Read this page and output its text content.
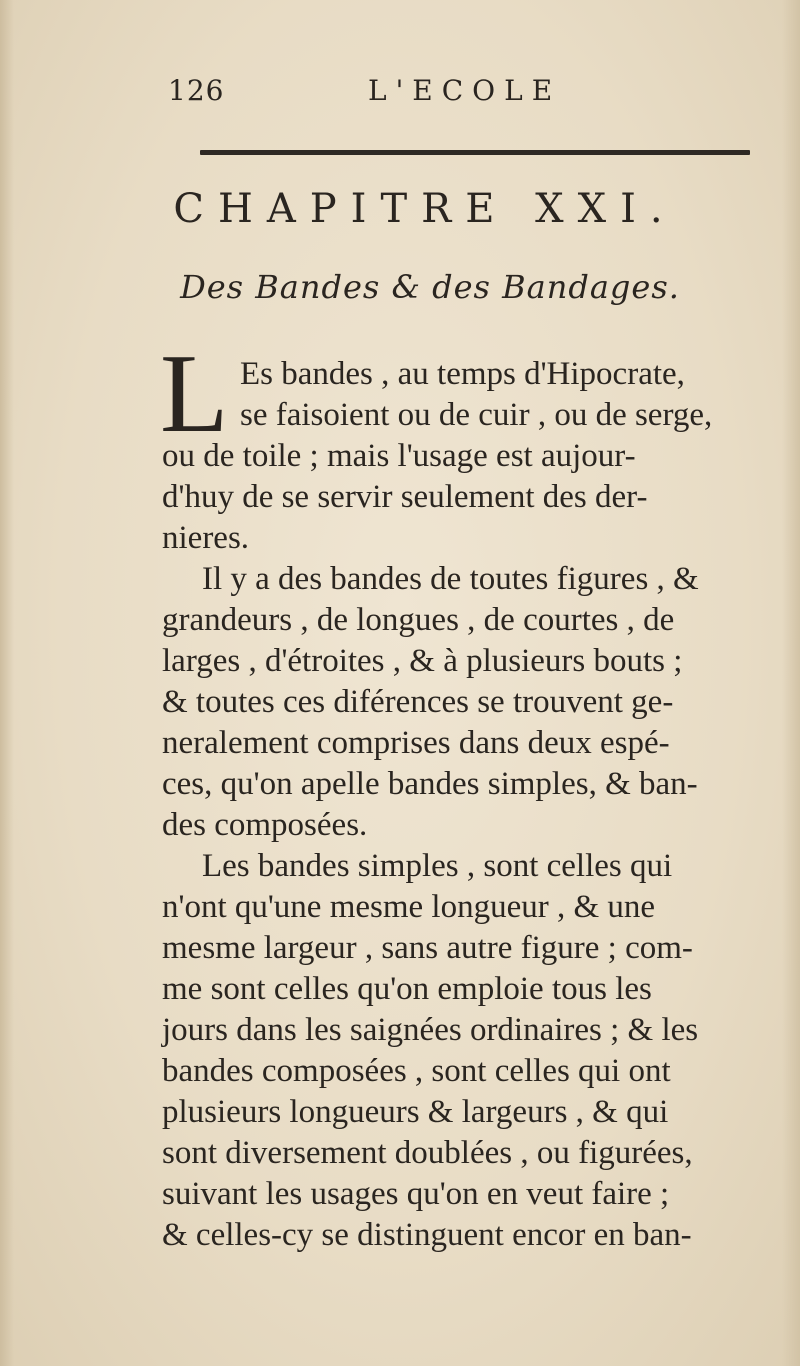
126	L'ECOLE
CHAPITRE XXI.
Des Bandes & des Bandages.
L Es bandes , au temps d'Hipocrate,
se faisoient ou de cuir , ou de serge,
ou de toile ; mais l'usage est aujour-
d'huy de se servir seulement des der-
nieres.
Il y a des bandes de toutes figures , &
grandeurs , de longues , de courtes , de
larges , d'étroites , & à plusieurs bouts ;
& toutes ces diférences se trouvent ge-
neralement comprises dans deux espé-
ces, qu'on apelle bandes simples, & ban-
des composées.
Les bandes simples , sont celles qui
n'ont qu'une mesme longueur , & une
mesme largeur , sans autre figure ; com-
me sont celles qu'on emploie tous les
jours dans les saignées ordinaires ; & les
bandes composées , sont celles qui ont
plusieurs longueurs & largeurs , & qui
sont diversement doublées , ou figurées,
suivant les usages qu'on en veut faire ;
& celles-cy se distinguent encor en ban-
